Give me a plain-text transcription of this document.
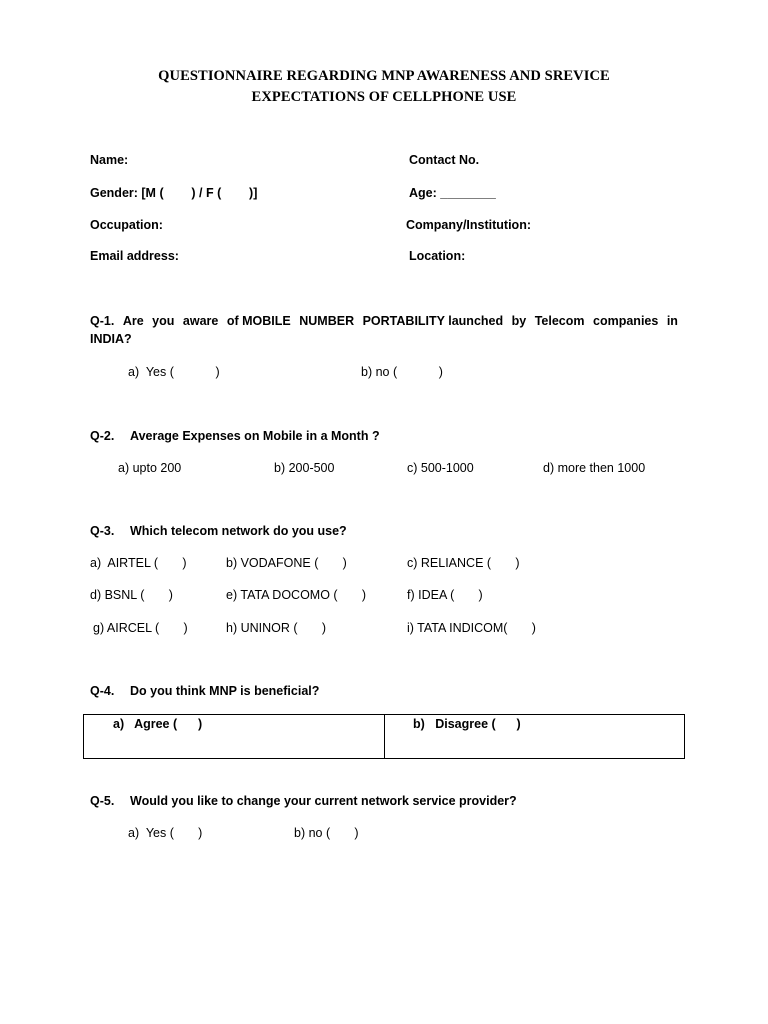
QUESTIONNAIRE REGARDING MNP AWARENESS AND SREVICE
EXPECTATIONS OF CELLPHONE USE
Name:	Contact No.
Gender: [M (        ) / F (        )]	Age: ________
Occupation:	Company/Institution:
Email address:	Location:
Q-1. Are you aware of MOBILE NUMBER PORTABILITY launched by Telecom companies in
INDIA?
a)  Yes (            )	b) no (            )
Q-2. Average Expenses on Mobile in a Month ?
a) upto 200	b) 200-500	c) 500-1000	d) more then 1000
Q-3. Which telecom network do you use?
a)  AIRTEL (       )	b) VODAFONE (       )	c) RELIANCE (       )
d) BSNL (       )	e) TATA DOCOMO (       )	f) IDEA (       )
g) AIRCEL (       )	h) UNINOR (       )	i) TATA INDICOM(       )
Q-4. Do you think MNP is beneficial?
a)   Agree (      )	b)   Disagree (      )
Q-5. Would you like to change your current network service provider?
a)  Yes (       )	b) no (       )
